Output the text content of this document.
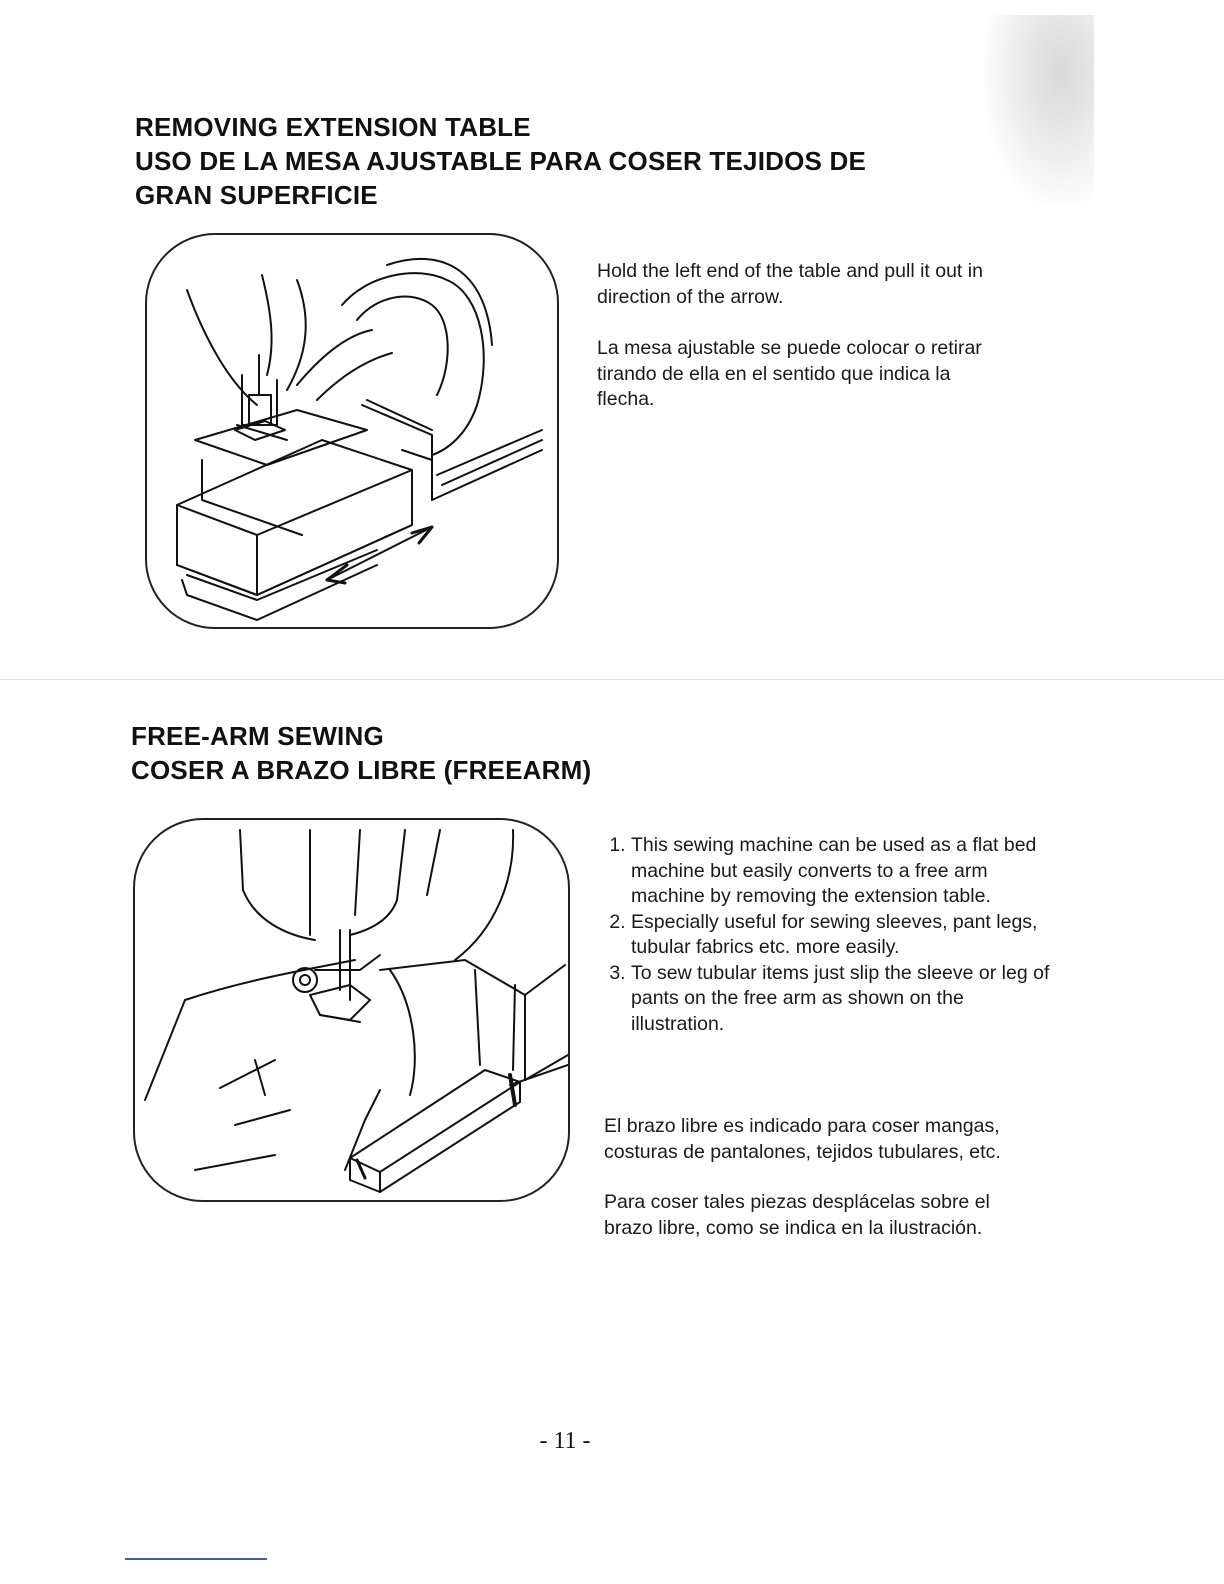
REMOVING EXTENSION TABLE
USO DE LA MESA AJUSTABLE PARA COSER TEJIDOS DE
GRAN SUPERFICIE

Hold the left end of the table and pull it out in direction of the arrow.

La mesa ajustable se puede colocar o retirar tirando de ella en el sentido que indica la flecha.

FREE-ARM SEWING
COSER A BRAZO LIBRE (FREEARM)
1. This sewing machine can be used as a flat bed machine but easily converts to a free arm machine by removing the extension table.
2. Especially useful for sewing sleeves, pant legs, tubular fabrics etc. more easily.
3. To sew tubular items just slip the sleeve or leg of pants on the free arm as shown on the illustration.

El brazo libre es indicado para coser mangas, costuras de pantalones, tejidos tubulares, etc.

Para coser tales piezas desplácelas sobre el brazo libre, como se indica en la ilustración.

- 11 -
